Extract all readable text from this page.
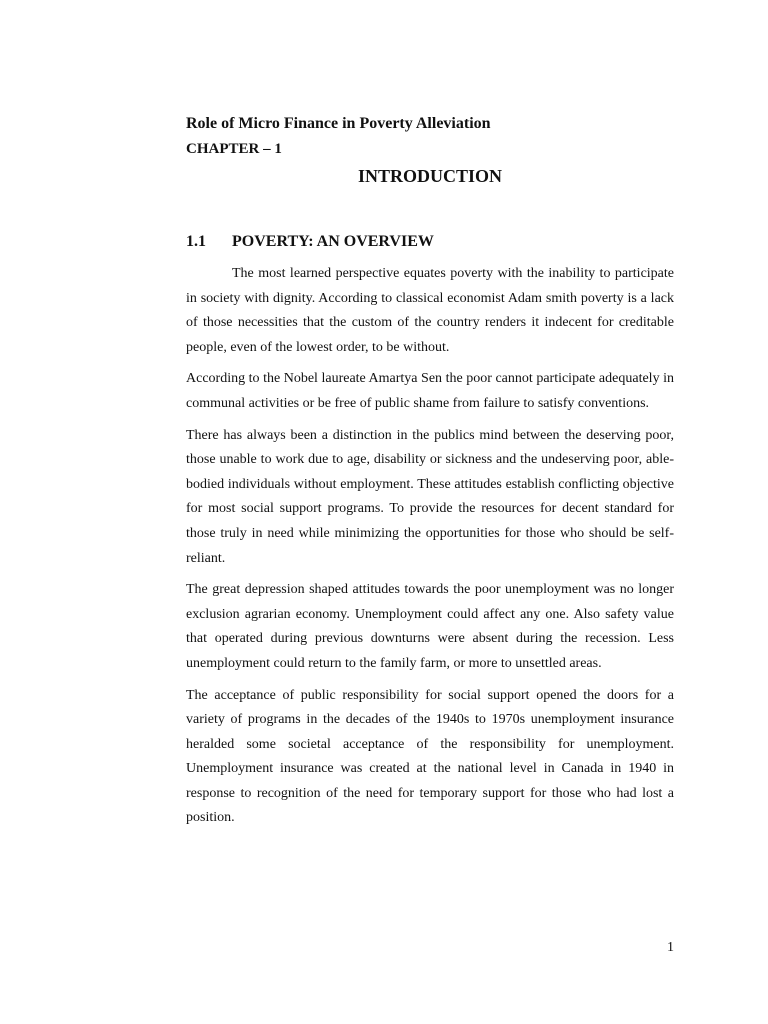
Role of Micro Finance in Poverty Alleviation

CHAPTER – 1

INTRODUCTION

1.1	POVERTY: AN OVERVIEW

The most learned perspective equates poverty with the inability to participate in society with dignity. According to classical economist Adam smith poverty is a lack of those necessities that the custom of the country renders it indecent for creditable people, even of the lowest order, to be without.

According to the Nobel laureate Amartya Sen the poor cannot participate adequately in communal activities or be free of public shame from failure to satisfy conventions.

There has always been a distinction in the publics mind between the deserving poor, those unable to work due to age, disability or sickness and the undeserving poor, able-bodied individuals without employment. These attitudes establish conflicting objective for most social support programs. To provide the resources for decent standard for those truly in need while minimizing the opportunities for those who should be self-reliant.

The great depression shaped attitudes towards the poor unemployment was no longer exclusion agrarian economy. Unemployment could affect any one. Also safety value that operated during previous downturns were absent during the recession. Less unemployment could return to the family farm, or more to unsettled areas.

The acceptance of public responsibility for social support opened the doors for a variety of programs in the decades of the 1940s to 1970s unemployment insurance heralded some societal acceptance of the responsibility for unemployment. Unemployment insurance was created at the national level in Canada in 1940 in response to recognition of the need for temporary support for those who had lost a position.

1
